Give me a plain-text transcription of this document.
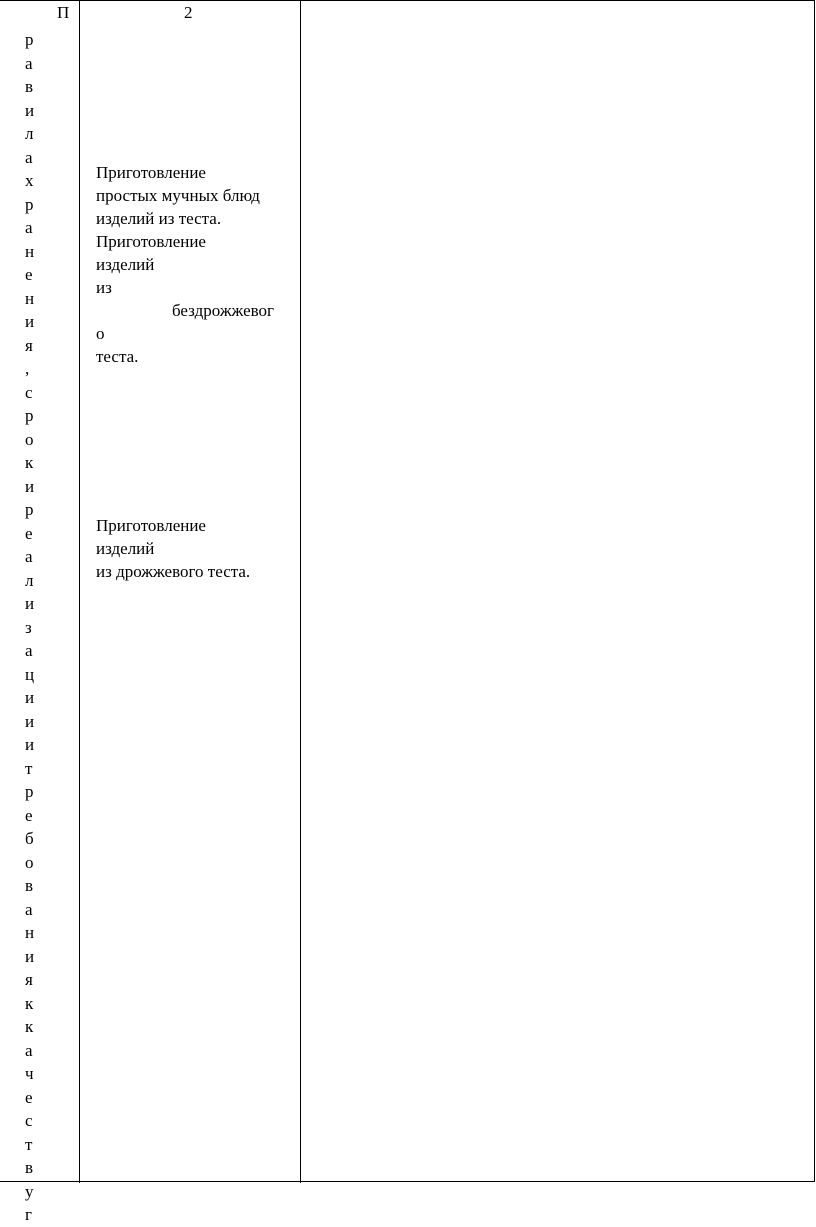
П
р
а
в
и
л
а
х
р
а
н
е
н
и
я
,
с
р
о
к
и
р
е
а
л
и
з
а
ц
и
и
и
т
р
е
б
о
в
а
н
и
я
к
к
а
ч
е
с
т
в
у
г
2
Приготовление
простых мучных блюд
изделий из теста.
Приготовление
изделий
из
бездрожжевог
о
теста.
Приготовление
изделий
из дрожжевого теста.
